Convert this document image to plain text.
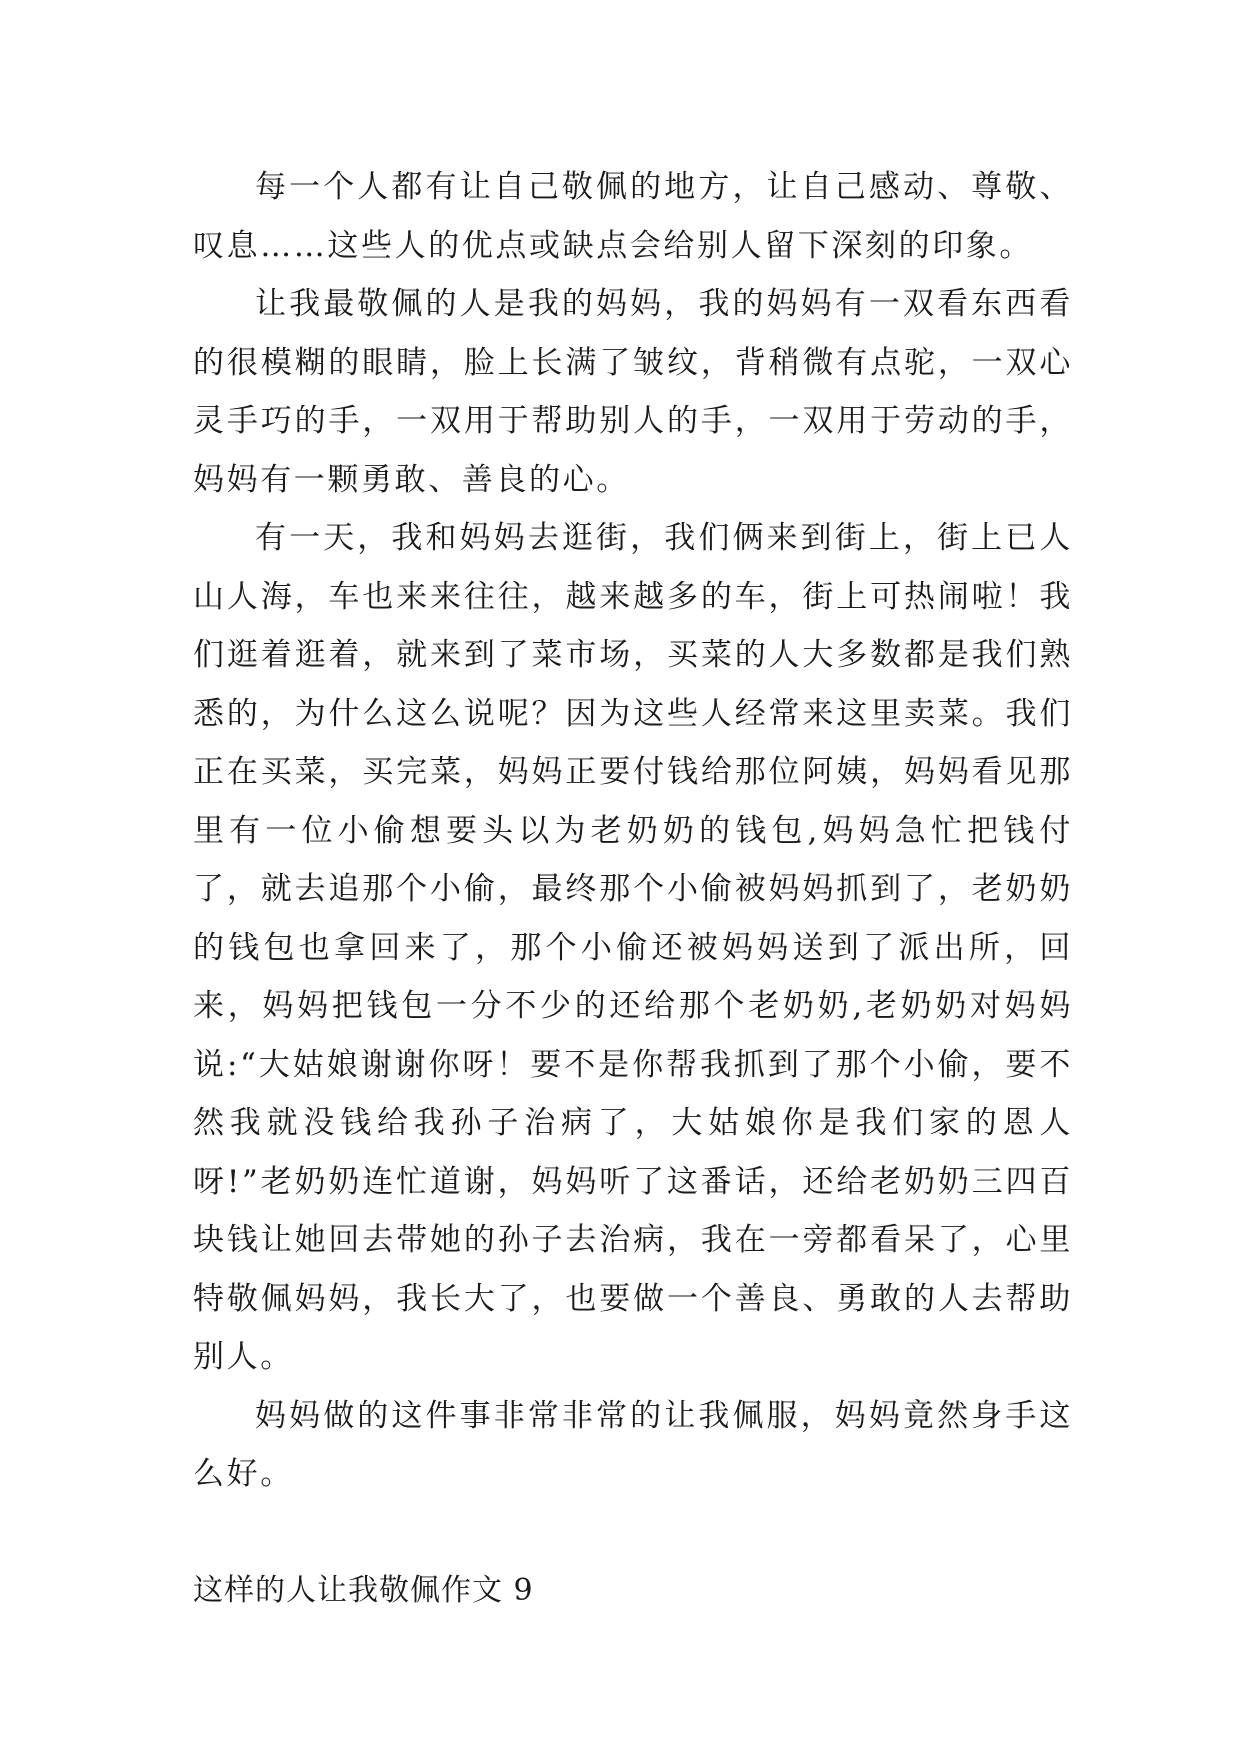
每一个人都有让自己敬佩的地方，让自己感动、尊敬、叹息……这些人的优点或缺点会给别人留下深刻的印象。

让我最敬佩的人是我的妈妈，我的妈妈有一双看东西看的很模糊的眼睛，脸上长满了皱纹，背稍微有点驼，一双心灵手巧的手，一双用于帮助别人的手，一双用于劳动的手，妈妈有一颗勇敢、善良的心。

有一天，我和妈妈去逛街，我们俩来到街上，街上已人山人海，车也来来往往，越来越多的车，街上可热闹啦！我们逛着逛着，就来到了菜市场，买菜的人大多数都是我们熟悉的，为什么这么说呢？因为这些人经常来这里卖菜。我们正在买菜，买完菜，妈妈正要付钱给那位阿姨，妈妈看见那里有一位小偷想要头以为老奶奶的钱包,妈妈急忙把钱付了，就去追那个小偷，最终那个小偷被妈妈抓到了，老奶奶的钱包也拿回来了，那个小偷还被妈妈送到了派出所，回来，妈妈把钱包一分不少的还给那个老奶奶,老奶奶对妈妈说:“大姑娘谢谢你呀！要不是你帮我抓到了那个小偷，要不然我就没钱给我孙子治病了，大姑娘你是我们家的恩人呀!”老奶奶连忙道谢，妈妈听了这番话，还给老奶奶三四百块钱让她回去带她的孙子去治病，我在一旁都看呆了，心里特敬佩妈妈，我长大了，也要做一个善良、勇敢的人去帮助别人。

妈妈做的这件事非常非常的让我佩服，妈妈竟然身手这么好。

这样的人让我敬佩作文 9
